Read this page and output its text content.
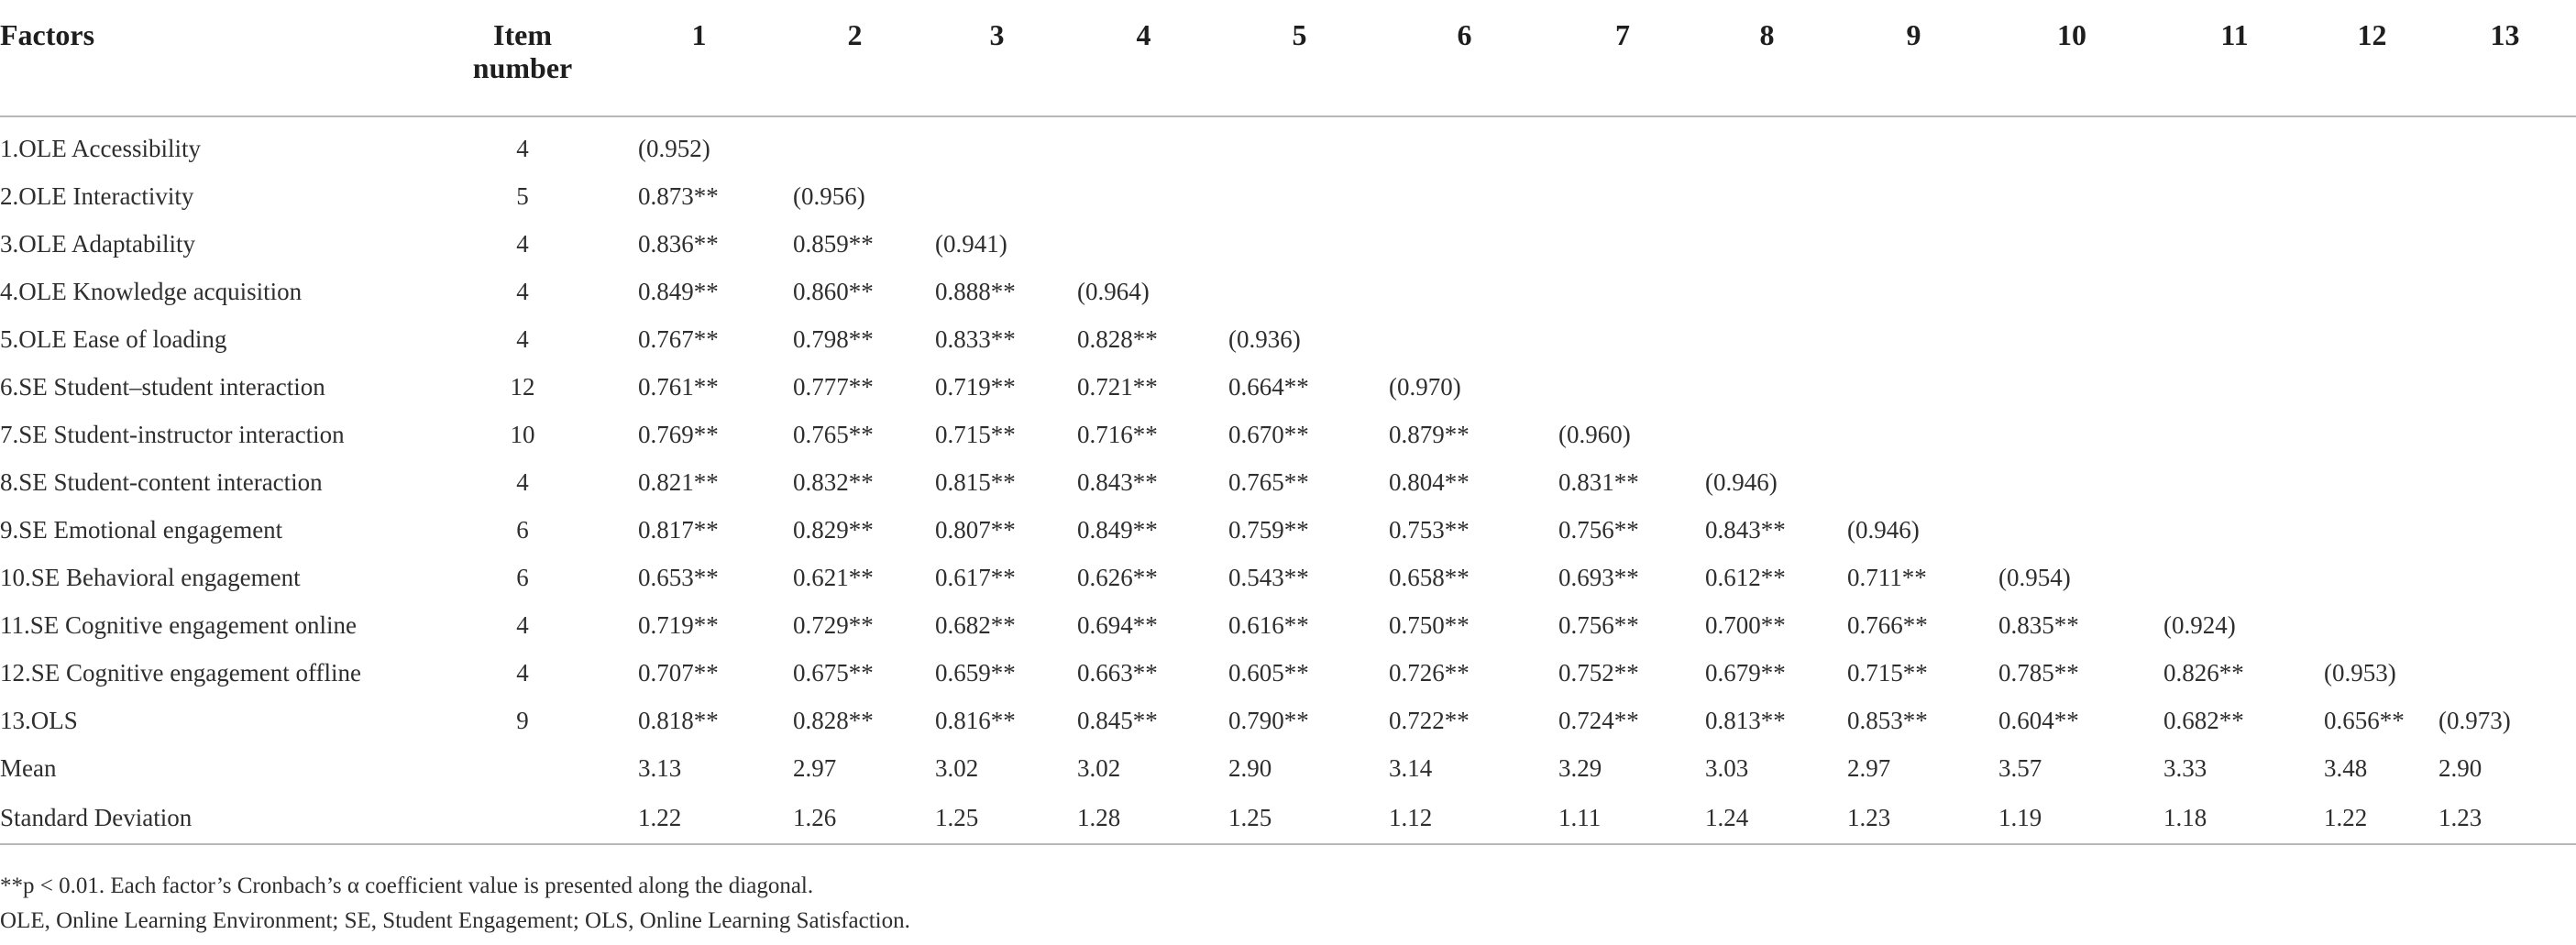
Factors	Item number	1	2	3	4	5	6	7	8	9	10	11	12	13
1.OLE Accessibility	4	(0.952)												
2.OLE Interactivity	5	0.873**	(0.956)											
3.OLE Adaptability	4	0.836**	0.859**	(0.941)										
4.OLE Knowledge acquisition	4	0.849**	0.860**	0.888**	(0.964)									
5.OLE Ease of loading	4	0.767**	0.798**	0.833**	0.828**	(0.936)								
6.SE Student–student interaction	12	0.761**	0.777**	0.719**	0.721**	0.664**	(0.970)							
7.SE Student-instructor interaction	10	0.769**	0.765**	0.715**	0.716**	0.670**	0.879**	(0.960)						
8.SE Student-content interaction	4	0.821**	0.832**	0.815**	0.843**	0.765**	0.804**	0.831**	(0.946)					
9.SE Emotional engagement	6	0.817**	0.829**	0.807**	0.849**	0.759**	0.753**	0.756**	0.843**	(0.946)				
10.SE Behavioral engagement	6	0.653**	0.621**	0.617**	0.626**	0.543**	0.658**	0.693**	0.612**	0.711**	(0.954)			
11.SE Cognitive engagement online	4	0.719**	0.729**	0.682**	0.694**	0.616**	0.750**	0.756**	0.700**	0.766**	0.835**	(0.924)		
12.SE Cognitive engagement offline	4	0.707**	0.675**	0.659**	0.663**	0.605**	0.726**	0.752**	0.679**	0.715**	0.785**	0.826**	(0.953)	
13.OLS	9	0.818**	0.828**	0.816**	0.845**	0.790**	0.722**	0.724**	0.813**	0.853**	0.604**	0.682**	0.656**	(0.973)
Mean		3.13	2.97	3.02	3.02	2.90	3.14	3.29	3.03	2.97	3.57	3.33	3.48	2.90
Standard Deviation		1.22	1.26	1.25	1.28	1.25	1.12	1.11	1.24	1.23	1.19	1.18	1.22	1.23
**p < 0.01. Each factor’s Cronbach’s α coefficient value is presented along the diagonal.
OLE, Online Learning Environment; SE, Student Engagement; OLS, Online Learning Satisfaction.
